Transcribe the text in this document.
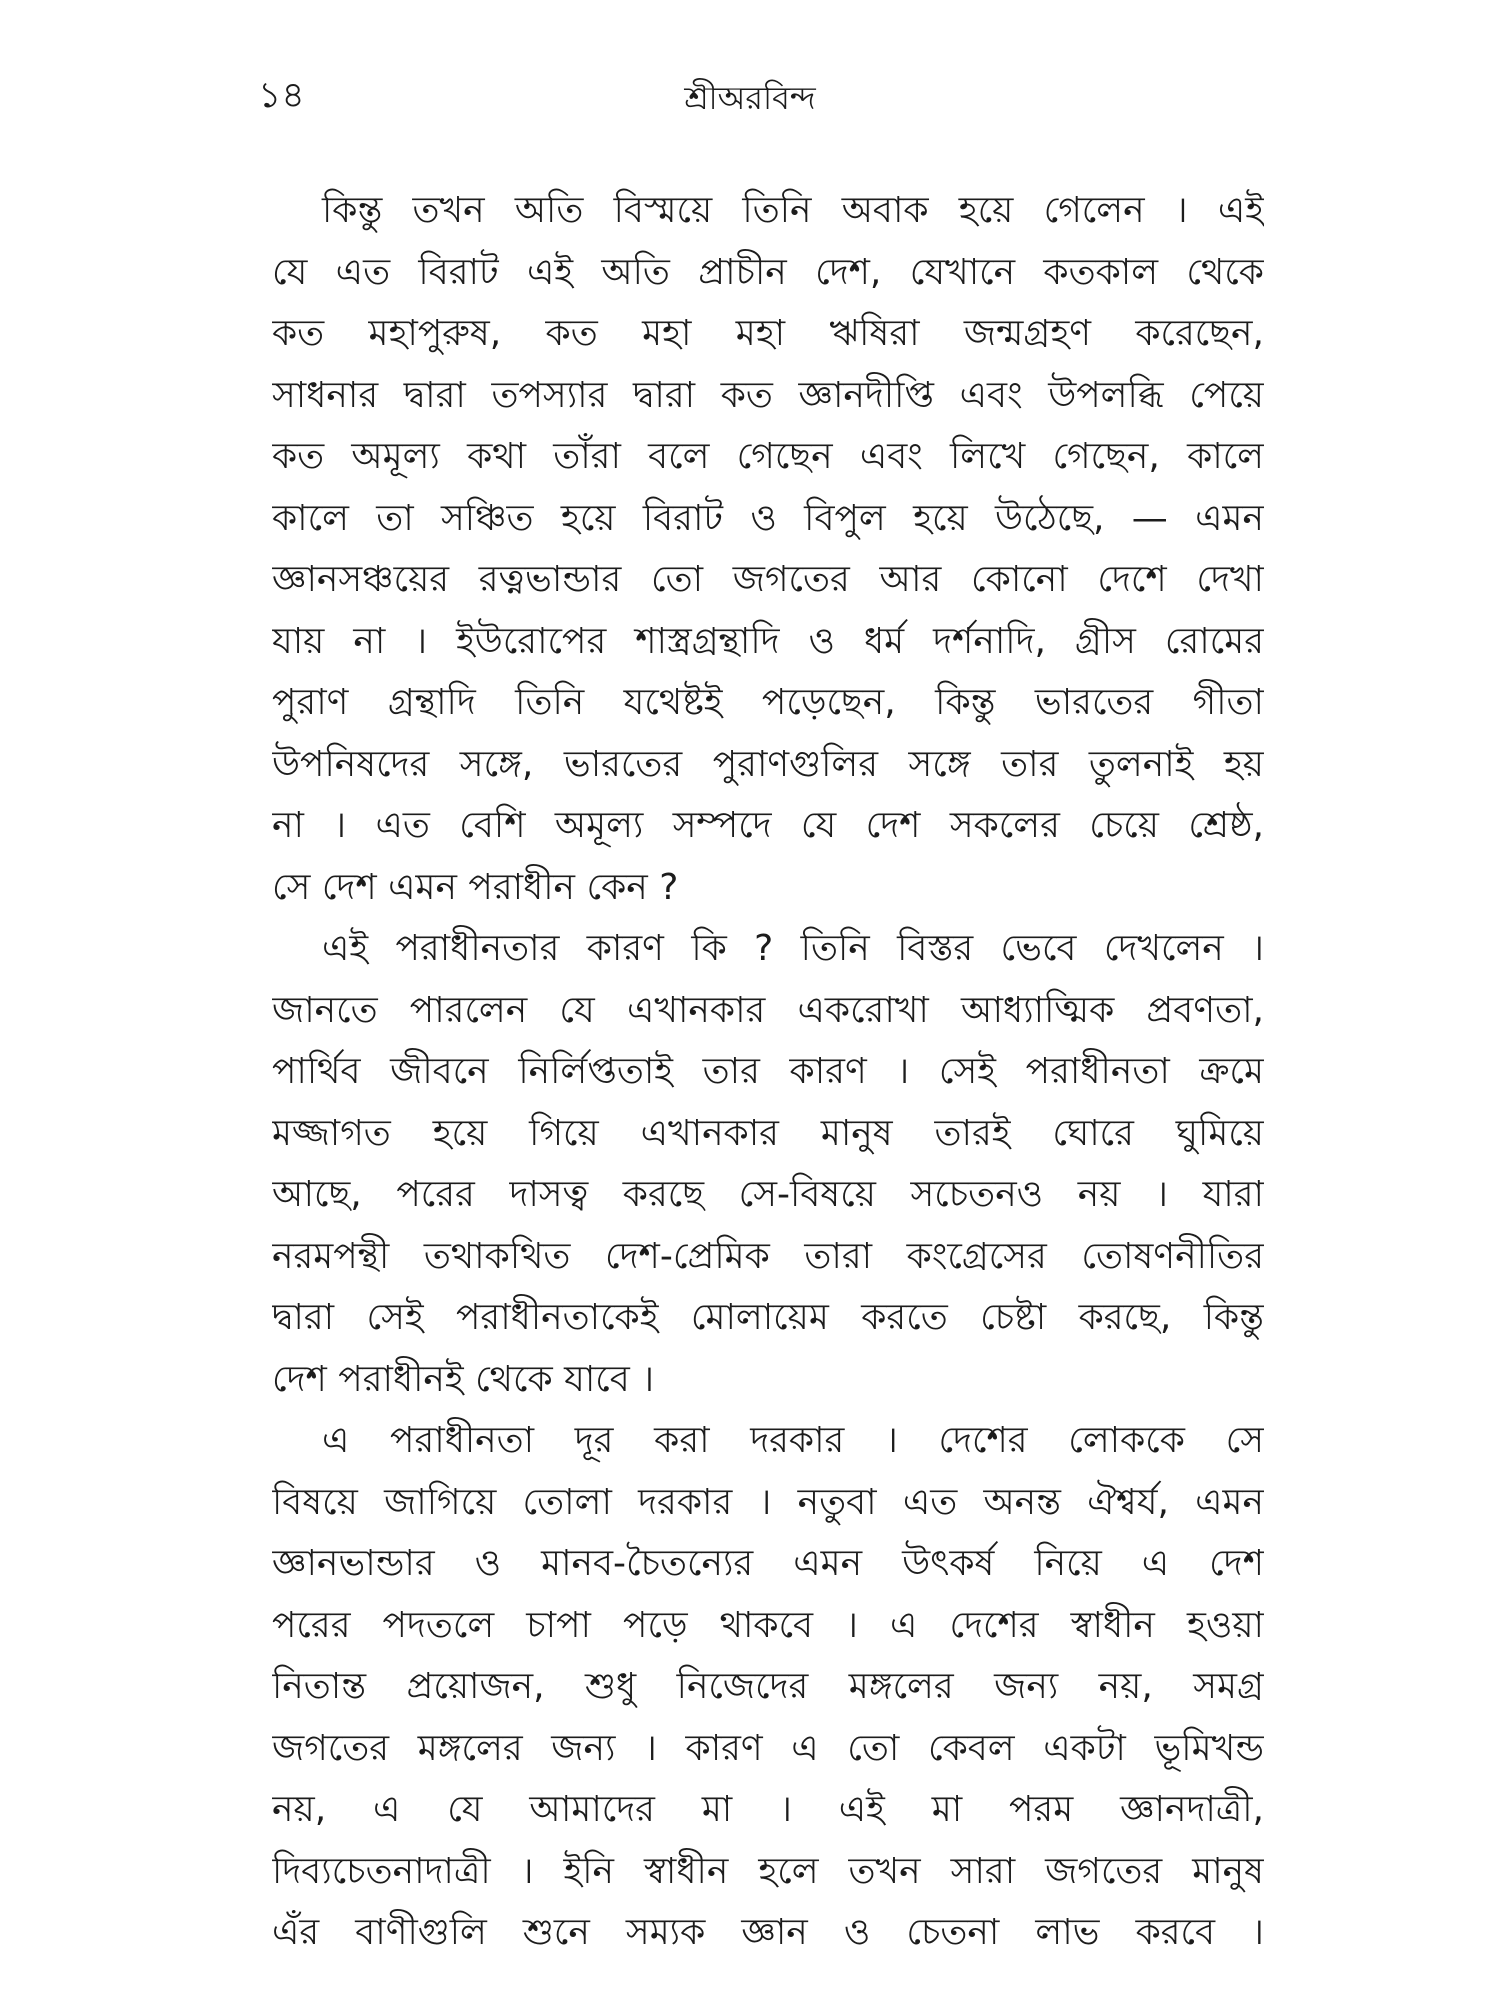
১৪	শ্রীঅরবিন্দ
কিন্তু তখন অতি বিস্ময়ে তিনি অবাক হয়ে গেলেন । এই
যে এত বিরাট এই অতি প্রাচীন দেশ, যেখানে কতকাল থেকে
কত মহাপুরুষ, কত মহা মহা ঋষিরা জন্মগ্রহণ করেছেন,
সাধনার দ্বারা তপস্যার দ্বারা কত জ্ঞানদীপ্তি এবং উপলব্ধি পেয়ে
কত অমূল্য কথা তাঁরা বলে গেছেন এবং লিখে গেছেন, কালে
কালে তা সঞ্চিত হয়ে বিরাট ও বিপুল হয়ে উঠেছে, — এমন
জ্ঞানসঞ্চয়ের রত্নভান্ডার তো জগতের আর কোনো দেশে দেখা
যায় না । ইউরোপের শাস্ত্রগ্রন্থাদি ও ধর্ম দর্শনাদি, গ্রীস রোমের
পুরাণ গ্রন্থাদি তিনি যথেষ্টই পড়েছেন, কিন্তু ভারতের গীতা
উপনিষদের সঙ্গে, ভারতের পুরাণগুলির সঙ্গে তার তুলনাই হয়
না । এত বেশি অমূল্য সম্পদে যে দেশ সকলের চেয়ে শ্রেষ্ঠ,
সে দেশ এমন পরাধীন কেন ?
এই পরাধীনতার কারণ কি ? তিনি বিস্তর ভেবে দেখলেন ।
জানতে পারলেন যে এখানকার একরোখা আধ্যাত্মিক প্রবণতা,
পার্থিব জীবনে নির্লিপ্ততাই তার কারণ । সেই পরাধীনতা ক্রমে
মজ্জাগত হয়ে গিয়ে এখানকার মানুষ তারই ঘোরে ঘুমিয়ে
আছে, পরের দাসত্ব করছে সে-বিষয়ে সচেতনও নয় । যারা
নরমপন্থী তথাকথিত দেশ-প্রেমিক তারা কংগ্রেসের তোষণনীতির
দ্বারা সেই পরাধীনতাকেই মোলায়েম করতে চেষ্টা করছে, কিন্তু
দেশ পরাধীনই থেকে যাবে ।
এ পরাধীনতা দূর করা দরকার । দেশের লোককে সে
বিষয়ে জাগিয়ে তোলা দরকার । নতুবা এত অনন্ত ঐশ্বর্য, এমন
জ্ঞানভান্ডার ও মানব-চৈতন্যের এমন উৎকর্ষ নিয়ে এ দেশ
পরের পদতলে চাপা পড়ে থাকবে । এ দেশের স্বাধীন হওয়া
নিতান্ত প্রয়োজন, শুধু নিজেদের মঙ্গলের জন্য নয়, সমগ্র
জগতের মঙ্গলের জন্য । কারণ এ তো কেবল একটা ভূমিখন্ড
নয়, এ যে আমাদের মা । এই মা পরম জ্ঞানদাত্রী,
দিব্যচেতনাদাত্রী । ইনি স্বাধীন হলে তখন সারা জগতের মানুষ
এঁর বাণীগুলি শুনে সম্যক জ্ঞান ও চেতনা লাভ করবে ।
